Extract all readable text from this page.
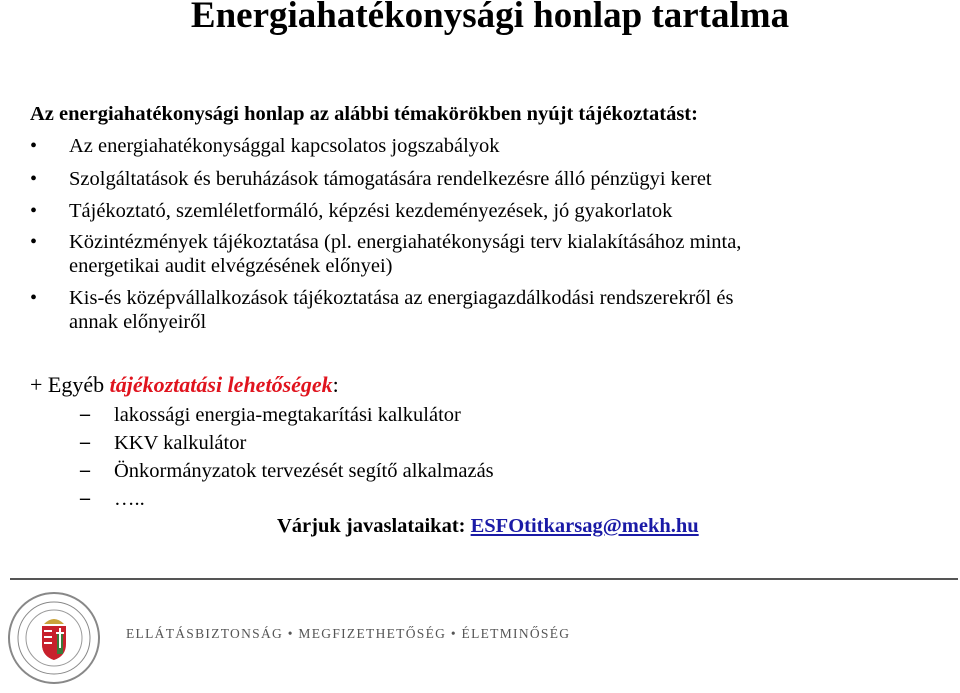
Energiahatékonysági honlap tartalma
Az energiahatékonysági honlap az alábbi témakörökben nyújt tájékoztatást:
• Az energiahatékonysággal kapcsolatos jogszabályok
• Szolgáltatások és beruházások támogatására rendelkezésre álló pénzügyi keret
• Tájékoztató, szemléletformáló, képzési kezdeményezések, jó gyakorlatok
• Közintézmények tájékoztatása (pl. energiahatékonysági terv kialakításához minta,
energetikai audit elvégzésének előnyei)
• Kis-és középvállalkozások tájékoztatása az energiagazdálkodási rendszerekről és
annak előnyeiről
+ Egyéb tájékoztatási lehetőségek:
– lakossági energia-megtakarítási kalkulátor
– KKV kalkulátor
– Önkormányzatok tervezését segítő alkalmazás
– …..
Várjuk javaslataikat: ESFOtitkarsag@mekh.hu
ELLÁTÁSBIZTONSÁG • MEGFIZETHETŐSÉG • ÉLETMINŐSÉG
